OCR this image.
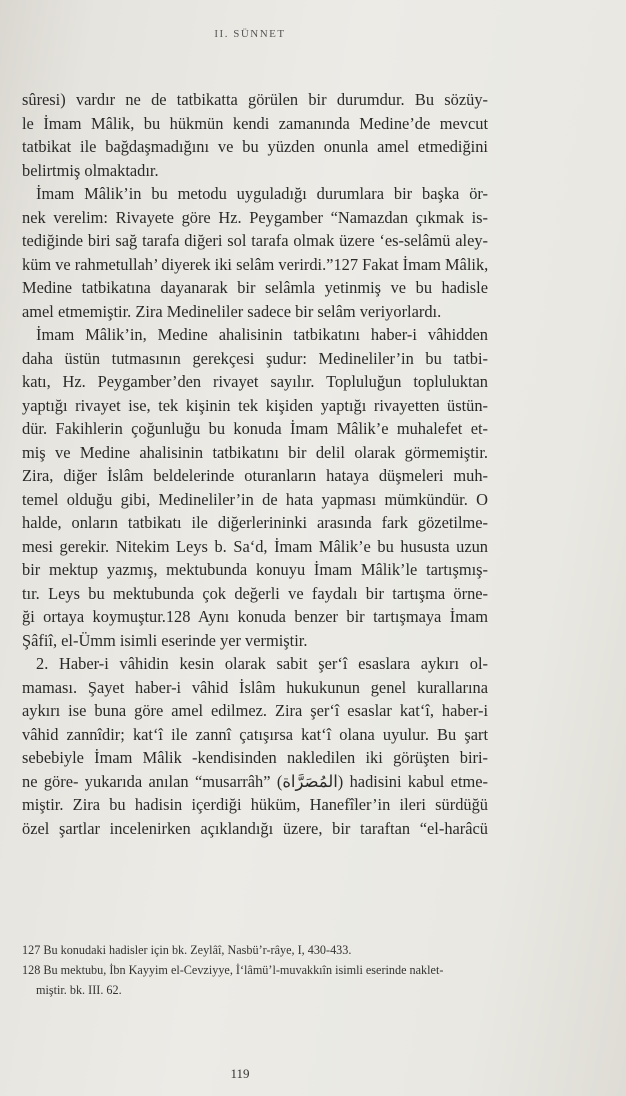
II. SÜNNET
sûresi) vardır ne de tatbikatta görülen bir durumdur. Bu sözüy-
le İmam Mâlik, bu hükmün kendi zamanında Medine’de mevcut
tatbikat ile bağdaşmadığını ve bu yüzden onunla amel etmediğini
belirtmiş olmaktadır.
İmam Mâlik’in bu metodu uyguladığı durumlara bir başka ör-
nek verelim: Rivayete göre Hz. Peygamber “Namazdan çıkmak is-
tediğinde biri sağ tarafa diğeri sol tarafa olmak üzere ‘es-selâmü aley-
küm ve rahmetullah’ diyerek iki selâm verirdi.”127 Fakat İmam Mâlik,
Medine tatbikatına dayanarak bir selâmla yetinmiş ve bu hadisle
amel etmemiştir. Zira Medineliler sadece bir selâm veriyorlardı.
İmam Mâlik’in, Medine ahalisinin tatbikatını haber-i vâhidden
daha üstün tutmasının gerekçesi şudur: Medineliler’in bu tatbi-
katı, Hz. Peygamber’den rivayet sayılır. Topluluğun topluluktan
yaptığı rivayet ise, tek kişinin tek kişiden yaptığı rivayetten üstün-
dür. Fakihlerin çoğunluğu bu konuda İmam Mâlik’e muhalefet et-
miş ve Medine ahalisinin tatbikatını bir delil olarak görmemiştir.
Zira, diğer İslâm beldelerinde oturanların hataya düşmeleri muh-
temel olduğu gibi, Medineliler’in de hata yapması mümkündür. O
halde, onların tatbikatı ile diğerlerininki arasında fark gözetilme-
mesi gerekir. Nitekim Leys b. Sa‘d, İmam Mâlik’e bu hususta uzun
bir mektup yazmış, mektubunda konuyu İmam Mâlik’le tartışmış-
tır. Leys bu mektubunda çok değerli ve faydalı bir tartışma örne-
ği ortaya koymuştur.128 Aynı konuda benzer bir tartışmaya İmam
Şâfiî, el-Ümm isimli eserinde yer vermiştir.
2. Haber-i vâhidin kesin olarak sabit şer‘î esaslara aykırı ol-
maması. Şayet haber-i vâhid İslâm hukukunun genel kurallarına
aykırı ise buna göre amel edilmez. Zira şer‘î esaslar kat‘î, haber-i
vâhid zannîdir; kat‘î ile zannî çatışırsa kat‘î olana uyulur. Bu şart
sebebiyle İmam Mâlik -kendisinden nakledilen iki görüşten biri-
ne göre- yukarıda anılan “musarrâh” (المُصَرَّاة) hadisini kabul etme-
miştir. Zira bu hadisin içerdiği hüküm, Hanefîler’in ileri sürdüğü
özel şartlar incelenirken açıklandığı üzere, bir taraftan “el-harâcü
127 Bu konudaki hadisler için bk. Zeylâî, Nasbü’r-râye, I, 430-433.
128 Bu mektubu, İbn Kayyim el-Cevziyye, İ‘lâmü’l-muvakkıîn isimli eserinde naklet-
miştir. bk. III. 62.
119
